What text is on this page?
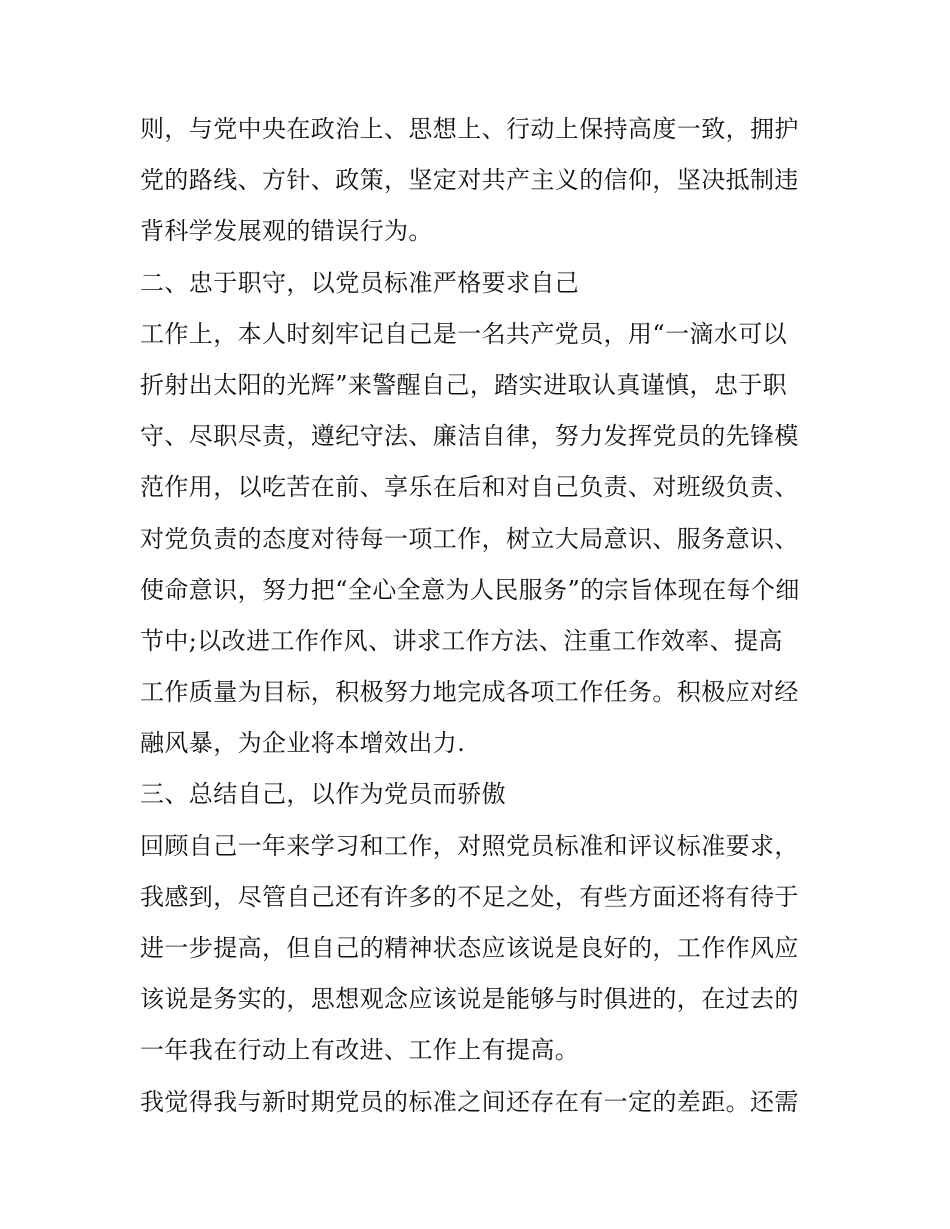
则，与党中央在政治上、思想上、行动上保持高度一致，拥护
党的路线、方针、政策，坚定对共产主义的信仰，坚决抵制违
背科学发展观的错误行为。
二、忠于职守，以党员标准严格要求自己
工作上，本人时刻牢记自己是一名共产党员，用“一滴水可以
折射出太阳的光辉”来警醒自己，踏实进取认真谨慎，忠于职
守、尽职尽责，遵纪守法、廉洁自律，努力发挥党员的先锋模
范作用，以吃苦在前、享乐在后和对自己负责、对班级负责、
对党负责的态度对待每一项工作，树立大局意识、服务意识、
使命意识，努力把“全心全意为人民服务”的宗旨体现在每个细
节中;以改进工作作风、讲求工作方法、注重工作效率、提高
工作质量为目标，积极努力地完成各项工作任务。积极应对经
融风暴，为企业将本增效出力.
三、总结自己，以作为党员而骄傲
回顾自己一年来学习和工作，对照党员标准和评议标准要求，
我感到，尽管自己还有许多的不足之处，有些方面还将有待于
进一步提高，但自己的精神状态应该说是良好的，工作作风应
该说是务实的，思想观念应该说是能够与时俱进的，在过去的
一年我在行动上有改进、工作上有提高。
我觉得我与新时期党员的标准之间还存在有一定的差距。还需
